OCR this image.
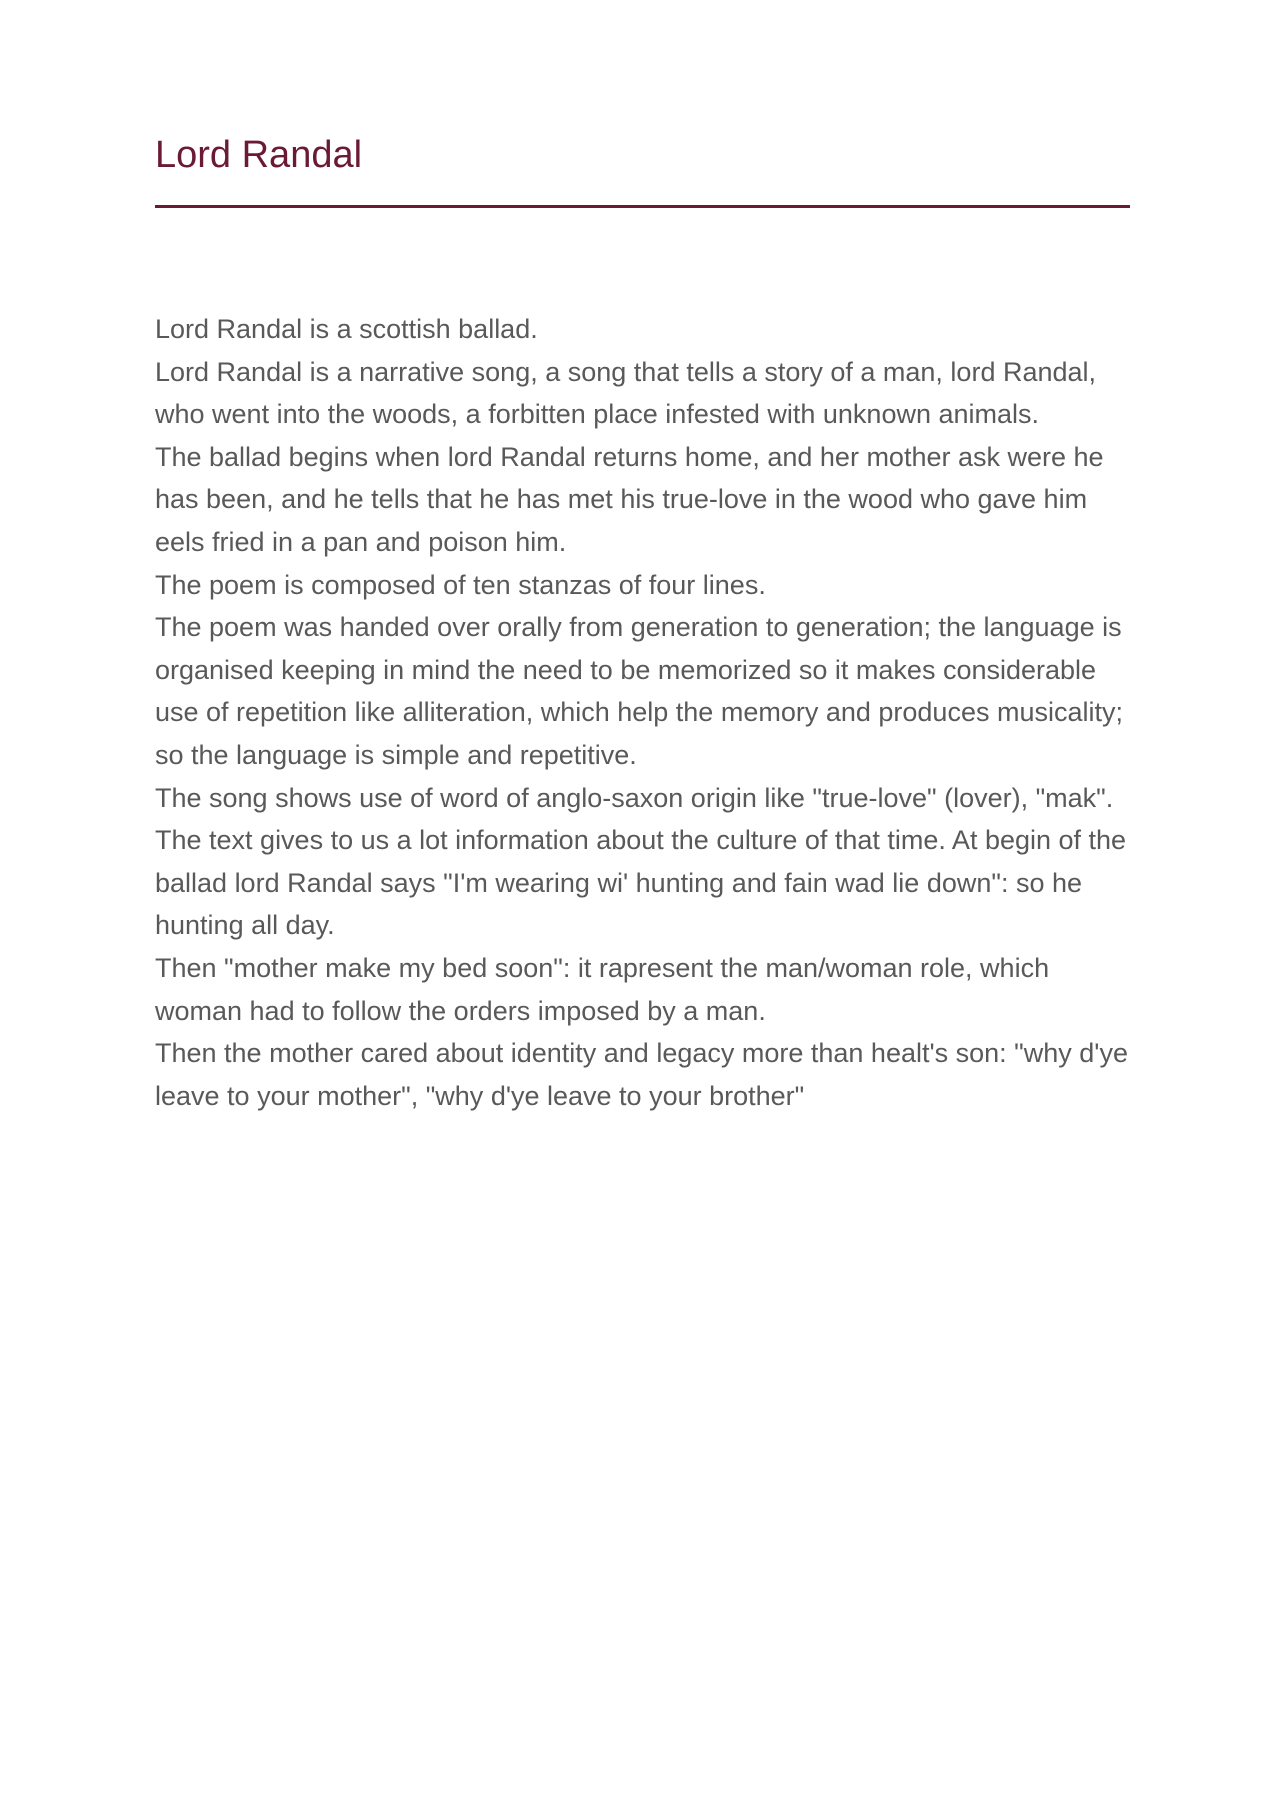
Lord Randal

Lord Randal is a scottish ballad.

Lord Randal is a narrative song, a song that tells a story of a man, lord Randal, who went into the woods, a forbitten place infested with unknown animals.

The ballad begins when lord Randal returns home, and her mother ask were he has been, and he tells that he has met his true-love in the wood who gave him eels fried in a pan and poison him.

The poem is composed of ten stanzas of four lines.

The poem was handed over orally from generation to generation; the language is organised keeping in mind the need to be memorized so it makes considerable use of repetition like alliteration, which help the memory and produces musicality; so the language is simple and repetitive.

The song shows use of word of anglo-saxon origin like "true-love" (lover), "mak".

The text gives to us a lot information about the culture of that time. At begin of the ballad lord Randal says "I'm wearing wi' hunting and fain wad lie down": so he hunting all day.

Then "mother make my bed soon": it rapresent the man/woman role, which woman had to follow the orders imposed by a man.

Then the mother cared about identity and legacy more than healt's son: "why d'ye leave to your mother", "why d'ye leave to your brother"
